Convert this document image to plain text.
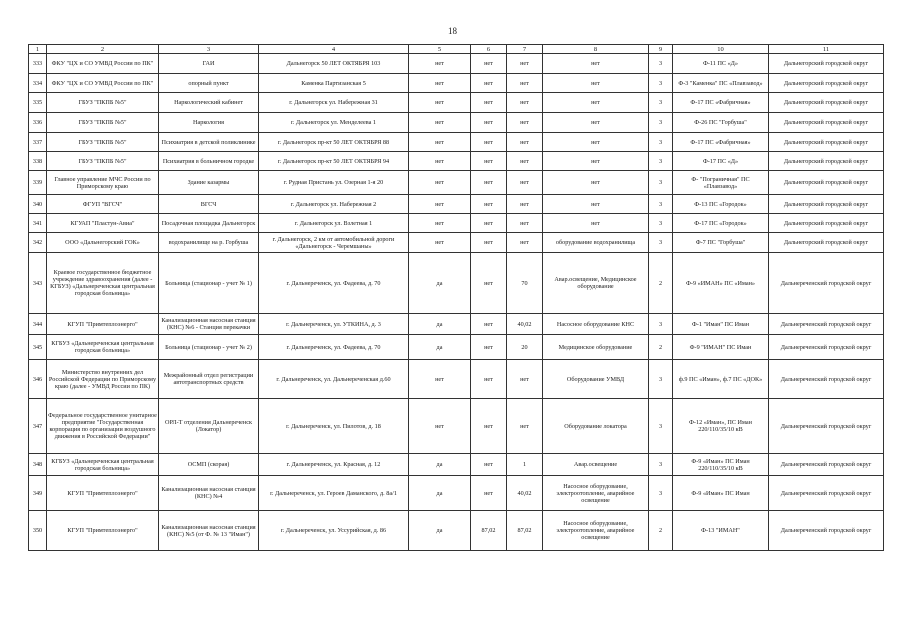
18
1	2	3	4	5	6	7	8	9	10	11
333	ФКУ "ЦХ и СО УМВД России по ПК"	ГАИ	Дальнегорск 50 ЛЕТ ОКТЯБРЯ 103	нет	нет	нет	нет	3	Ф-11 ПС «Д»	Дальнегорский городской округ
334	ФКУ "ЦХ и СО УМВД России по ПК"	опорный пункт	Каменка Партизанская 5	нет	нет	нет	нет	3	Ф-3 "Каменка" ПС «Плавзавод»	Дальнегорский городской округ
335	ГБУЗ "ПКПБ №5"	Наркологический кабинет	г. Дальнегорск ул. Набережная 31	нет	нет	нет	нет	3	Ф-17 ПС «Фабричная»	Дальнегорский городской округ
336	ГБУЗ "ПКПБ №5"	Наркология	г. Дальнегорск ул. Менделеева 1	нет	нет	нет	нет	3	Ф-26 ПС "Горбуша"	Дальнегорский городской округ
337	ГБУЗ "ПКПБ №5"	Психиатрия в детской поликлинике	г. Дальнегорск пр-кт 50 ЛЕТ ОКТЯБРЯ 88	нет	нет	нет	нет	3	Ф-17 ПС «Фабричная»	Дальнегорский городской округ
338	ГБУЗ "ПКПБ №5"	Психиатрия в больничном городке	г. Дальнегорск пр-кт 50 ЛЕТ ОКТЯБРЯ 94	нет	нет	нет	нет	3	Ф-17 ПС «Д»	Дальнегорский городской округ
339	Главное управление МЧС России по Приморскому краю	Здание казармы	г. Рудная Пристань ул. Озерная 1-я 20	нет	нет	нет	нет	3	Ф- "Пограничная" ПС «Плавзавод»	Дальнегорский городской округ
340	ФГУП "ВГСЧ"	ВГСЧ	г. Дальнегорск ул. Набережная 2	нет	нет	нет	нет	3	Ф-13 ПС «Городок»	Дальнегорский городской округ
341	КГУАП "Пластун-Авиа"	Посадочная площадка Дальнегорск	г. Дальнегорск ул. Взлетная 1	нет	нет	нет	нет	3	Ф-17 ПС «Городок»	Дальнегорский городской округ
342	ООО «Дальнегорский ГОК»	водохранилище на р. Горбуша	г. Дальнегорск, 2 км от автомобильной дороги «Дальнегорск - Черемшаны»	нет	нет	нет	оборудование водохранилища	3	Ф-7 ПС "Горбуша"	Дальнегорский городской округ
343	Краевое государственное бюджетное учреждение здравоохранения (далее - КГБУЗ) «Дальнереченская центральная городская больница»	Больница (стационар - учет № 1)	г. Дальнереченск, ул. Фадеева, д. 70	да	нет	70	Авар.освещение, Медицинское оборудование	2	Ф-9 «ИМАН» ПС «Иман»	Дальнереченский городской округ
344	КГУП "Примтеплоэнерго"	Канализационная насосная станция (КНС) №6 - Станция перекачки	г. Дальнереченск, ул. УТКИНА, д. 3	да	нет	40,02	Насосное оборудование КНС	3	Ф-1 "Иман" ПС Иман	Дальнереченский городской округ
345	КГБУЗ «Дальнереченская центральная городская больница»	Больница (стационар - учет № 2)	г. Дальнереченск, ул. Фадеева, д. 70	да	нет	20	Медицинское оборудование	2	Ф-9 "ИМАН" ПС Иман	Дальнереченский городской округ
346	Министерство внутренних дел Российской Федерации по Приморскому краю (далее - УМВД России по ПК)	Межрайонный отдел регистрации автотранспортных средств	г. Дальнереченск, ул. Дальнереченская д.60	нет	нет	нет	Оборудование УМВД	3	ф.9 ПС «Иман», ф.7 ПС «ДОК»	Дальнереченский городской округ
347	Федеральное государственное унитарное предприятие "Государственная корпорация по организации воздушного движения в Российской Федерации"	ОРЛ-Т отделения Дальнереченск (Локатор)	г. Дальнереченск, ул. Пилотов, д. 18	нет	нет	нет	Оборудование локатора	3	Ф-12 «Иман», ПС Иман 220/110/35/10 кВ	Дальнереченский городской округ
348	КГБУЗ «Дальнереченская центральная городская больница»	ОСМП (скорая)	г. Дальнереченск, ул. Красная, д. 12	да	нет	1	Авар.освещение	3	Ф-9 «Иман» ПС Иман 220/110/35/10 кВ	Дальнереченский городской округ
349	КГУП "Примтеплоэнерго"	Канализационная насосная станция (КНС) №4	г. Дальнереченск, ул. Героев Даманского, д. 8а/1	да	нет	40,02	Насосное оборудование, электроотопление, аварийное освещение	3	Ф-9 «Иман» ПС Иман	Дальнереченский городской округ
350	КГУП "Примтеплоэнерго"	Канализационная насосная станция (КНС) №5 (от Ф. № 13 "Иман")	г. Дальнереченск, ул. Уссурийская, д. 86	да	87,02	87,02	Насосное оборудование, электроотопление, аварийное освещение	2	Ф-13 "ИМАН"	Дальнереченский городской округ
